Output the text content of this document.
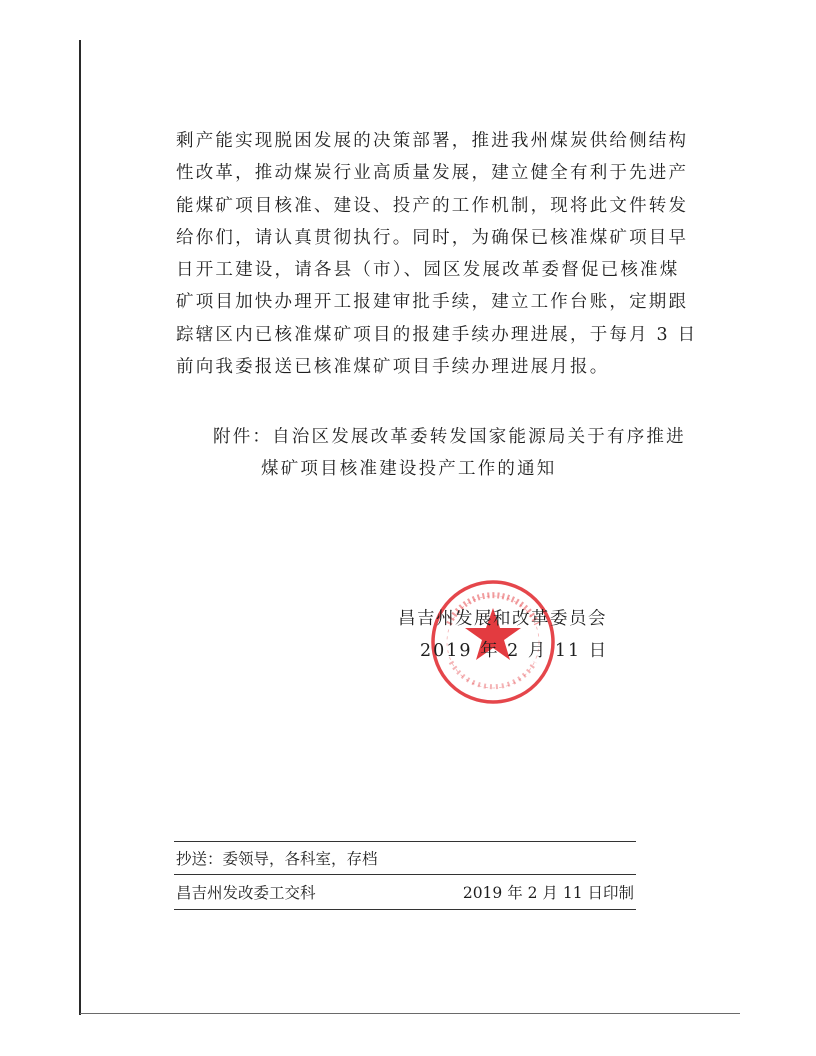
剩产能实现脱困发展的决策部署，推进我州煤炭供给侧结构
性改革，推动煤炭行业高质量发展，建立健全有利于先进产
能煤矿项目核准、建设、投产的工作机制，现将此文件转发
给你们，请认真贯彻执行。同时，为确保已核准煤矿项目早
日开工建设，请各县（市）、园区发展改革委督促已核准煤
矿项目加快办理开工报建审批手续，建立工作台账，定期跟
踪辖区内已核准煤矿项目的报建手续办理进展，于每月 3 日
前向我委报送已核准煤矿项目手续办理进展月报。
附件：自治区发展改革委转发国家能源局关于有序推进
煤矿项目核准建设投产工作的通知
昌吉州发展和改革委员会
2019 年 2 月 11 日
抄送：委领导，各科室，存档
昌吉州发改委工交科	2019 年 2 月 11 日印制
